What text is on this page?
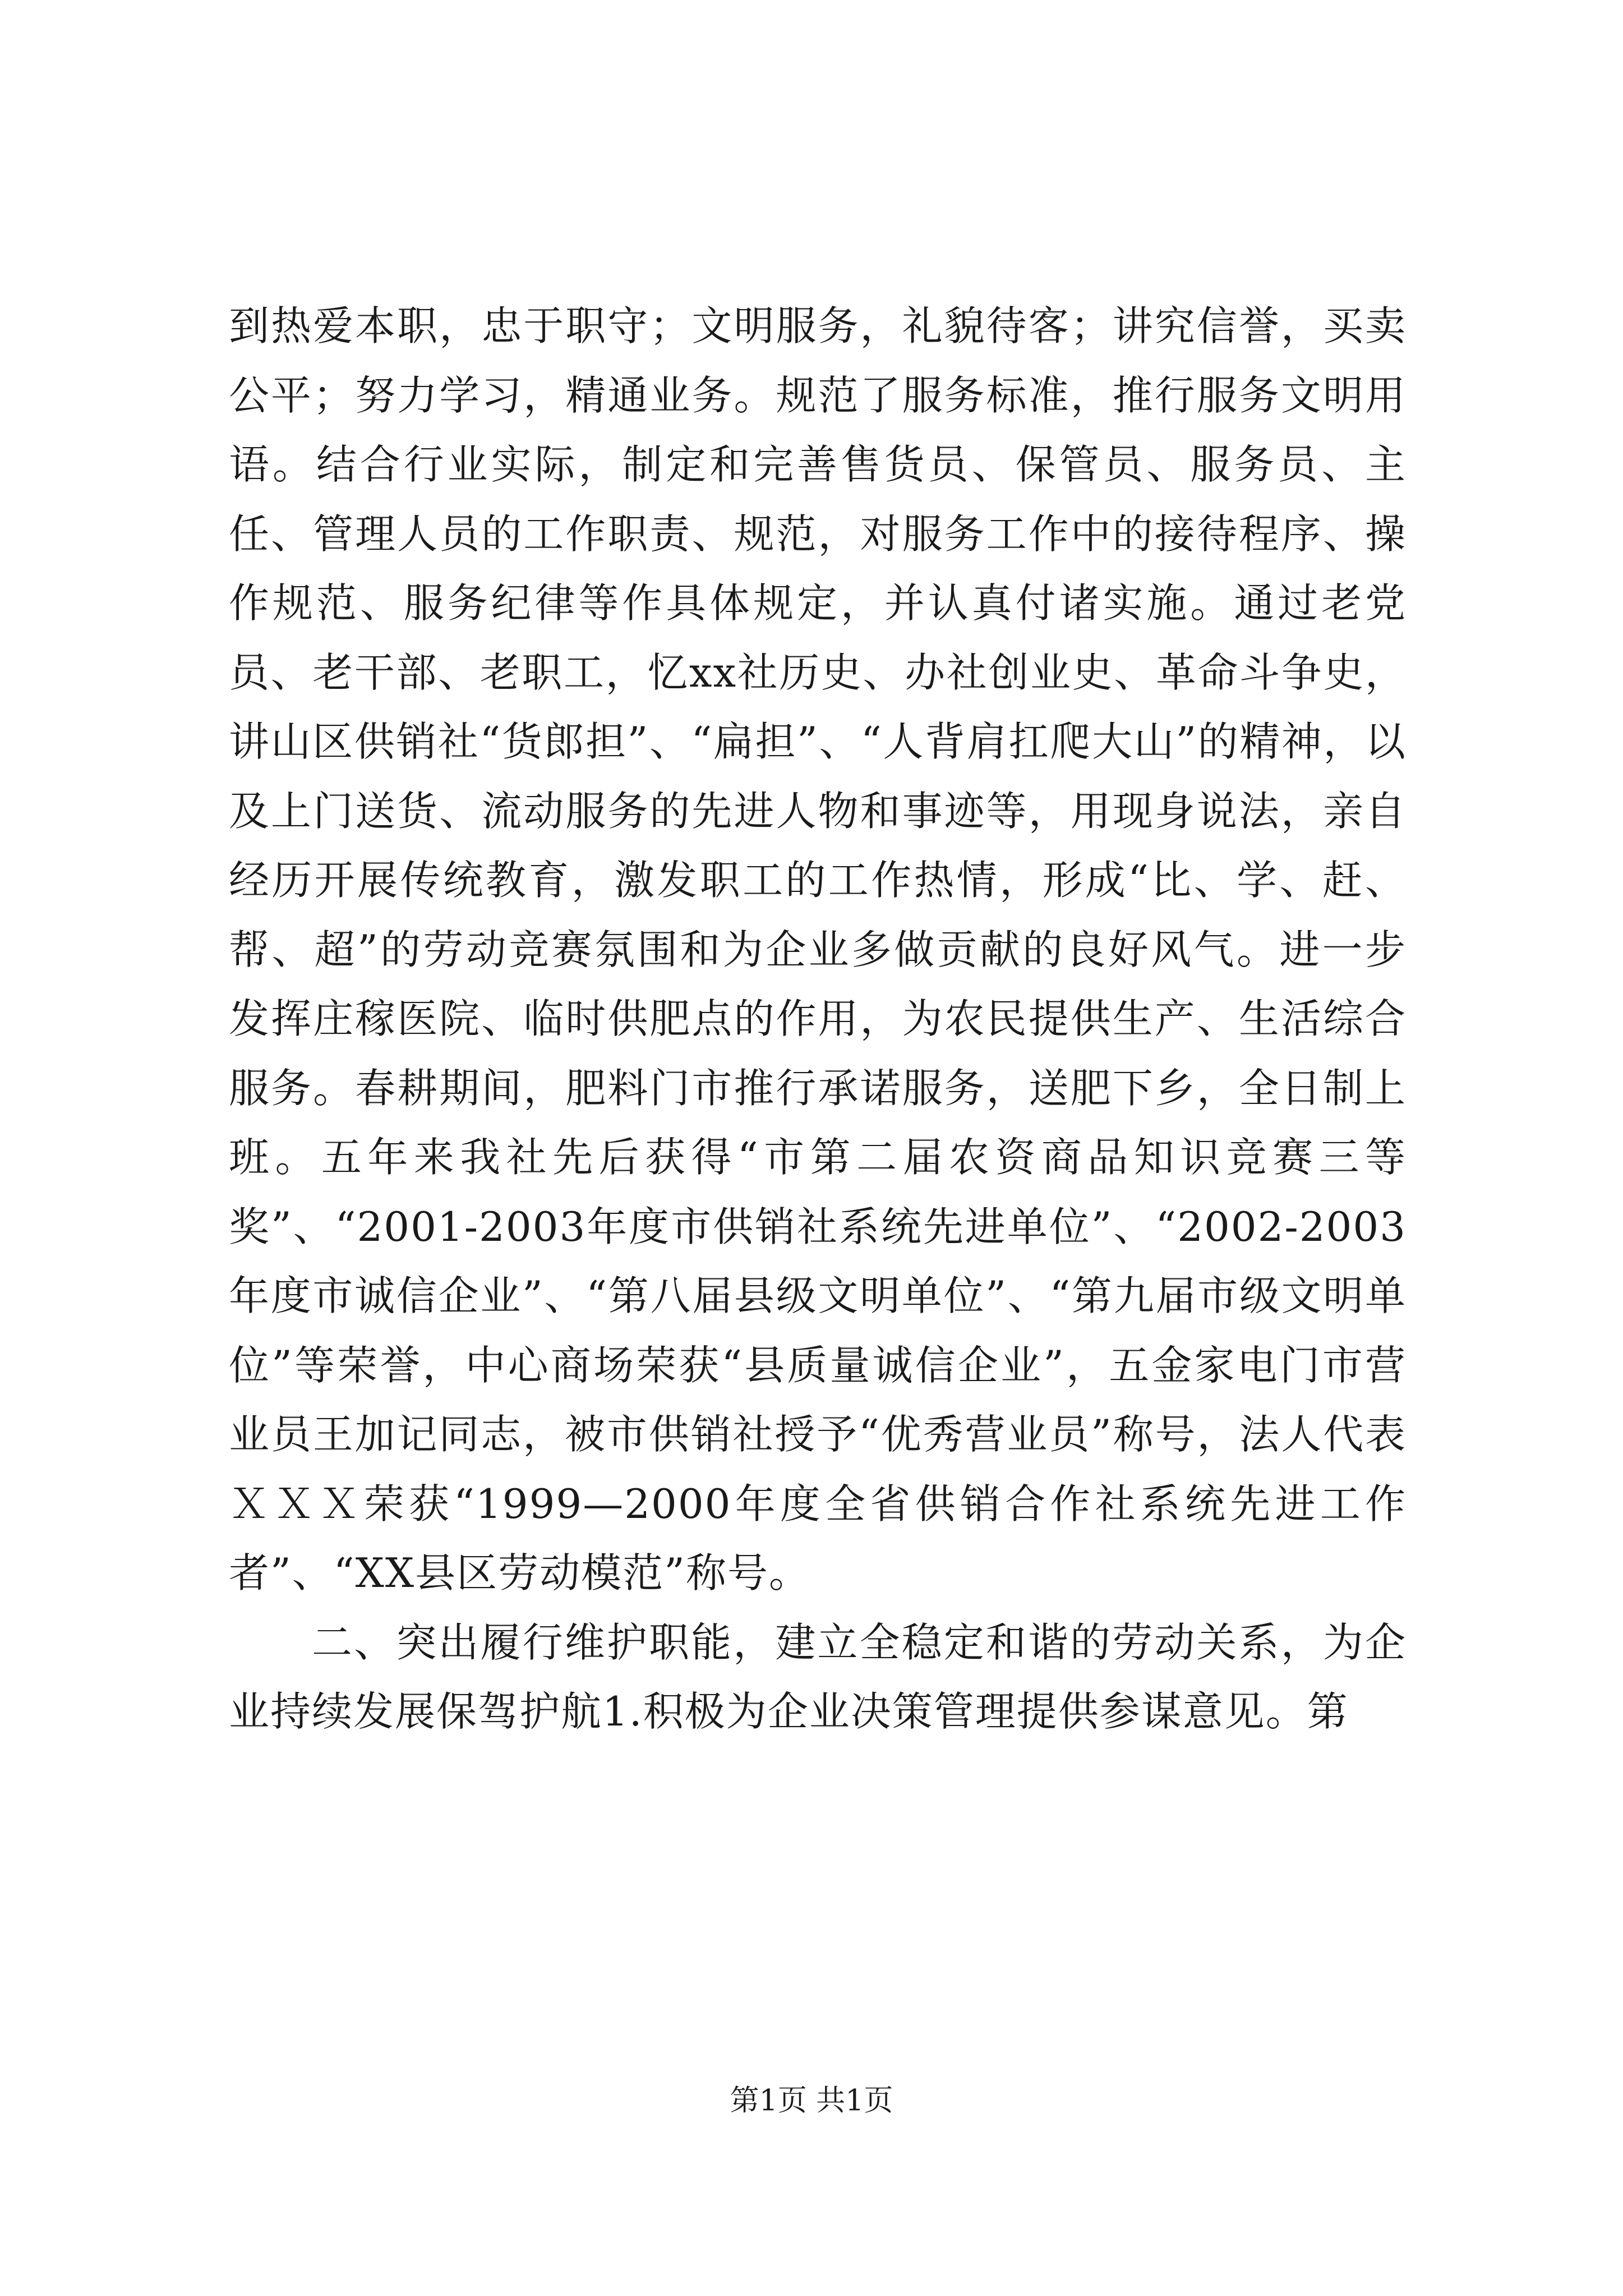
到热爱本职，忠于职守；文明服务，礼貌待客；讲究信誉，买卖公平；努力学习，精通业务。规范了服务标准，推行服务文明用语。结合行业实际，制定和完善售货员、保管员、服务员、主任、管理人员的工作职责、规范，对服务工作中的接待程序、操作规范、服务纪律等作具体规定，并认真付诸实施。通过老党员、老干部、老职工，忆xx社历史、办社创业史、革命斗争史，讲山区供销社“货郎担”、“扁担”、“人背肩扛爬大山”的精神，以及上门送货、流动服务的先进人物和事迹等，用现身说法，亲自经历开展传统教育，激发职工的工作热情，形成“比、学、赶、帮、超”的劳动竞赛氛围和为企业多做贡献的良好风气。进一步发挥庄稼医院、临时供肥点的作用，为农民提供生产、生活综合服务。春耕期间，肥料门市推行承诺服务，送肥下乡，全日制上班。五年来我社先后获得“市第二届农资商品知识竞赛三等奖”、“2001-2003年度市供销社系统先进单位”、“2002-2003年度市诚信企业”、“第八届县级文明单位”、“第九届市级文明单位”等荣誉，中心商场荣获“县质量诚信企业”，五金家电门市营业员王加记同志，被市供销社授予“优秀营业员”称号，法人代表ＸＸＸ荣获“1999—2000年度全省供销合作社系统先进工作者”、“XX县区劳动模范”称号。

二、突出履行维护职能，建立全稳定和谐的劳动关系，为企业持续发展保驾护航1.积极为企业决策管理提供参谋意见。第

第1页 共1页
